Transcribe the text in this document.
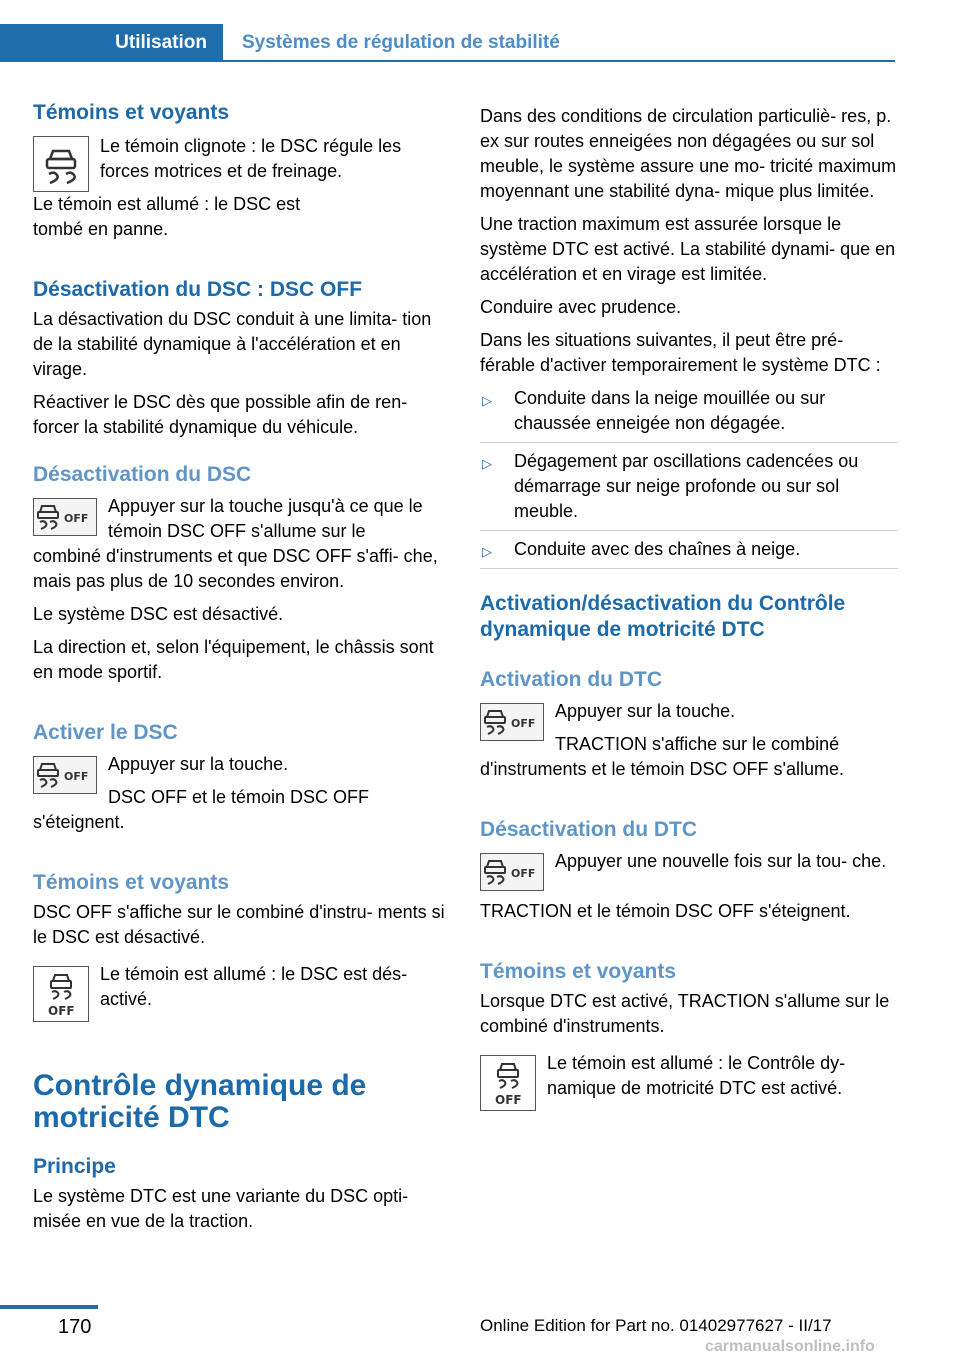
Utilisation	Systèmes de régulation de stabilité
Témoins et voyants

Le témoin clignote : le DSC régule les forces motrices et de freinage.

Le témoin est allumé : le DSC est

tombé en panne.

Désactivation du DSC : DSC OFF

La désactivation du DSC conduit à une limita‐ tion de la stabilité dynamique à l'accélération et en virage.

Réactiver le DSC dès que possible afin de ren‐ forcer la stabilité dynamique du véhicule.

Désactivation du DSC
OFF

Appuyer sur la touche jusqu'à ce que le témoin DSC OFF s'allume sur le

combiné d'instruments et que DSC OFF s'affi‐ che, mais pas plus de 10 secondes environ.

Le système DSC est désactivé.

La direction et, selon l'équipement, le châssis sont en mode sportif.

Activer le DSC
OFF

Appuyer sur la touche.

DSC OFF et le témoin DSC OFF

s'éteignent.

Témoins et voyants

DSC OFF s'affiche sur le combiné d'instru‐ ments si le DSC est désactivé.

OFF

Le témoin est allumé : le DSC est dés‐ activé.

Contrôle dynamique de motricité DTC
Principe

Le système DTC est une variante du DSC opti‐ misée en vue de la traction.

Dans des conditions de circulation particuliè‐ res, p. ex sur routes enneigées non dégagées ou sur sol meuble, le système assure une mo‐ tricité maximum moyennant une stabilité dyna‐ mique plus limitée.

Une traction maximum est assurée lorsque le système DTC est activé. La stabilité dynami‐ que en accélération et en virage est limitée.

Conduire avec prudence.

Dans les situations suivantes, il peut être pré‐ férable d'activer temporairement le système DTC :

▷ Conduite dans la neige mouillée ou sur chaussée enneigée non dégagée.
▷ Dégagement par oscillations cadencées ou démarrage sur neige profonde ou sur sol meuble.
▷ Conduite avec des chaînes à neige.
Activation/désactivation du Contrôle dynamique de motricité DTC
Activation du DTC
OFF

Appuyer sur la touche.

TRACTION s'affiche sur le combiné

d'instruments et le témoin DSC OFF s'allume.

Désactivation du DTC
OFF

Appuyer une nouvelle fois sur la tou‐ che.

TRACTION et le témoin DSC OFF s'éteignent.

Témoins et voyants

Lorsque DTC est activé, TRACTION s'allume sur le combiné d'instruments.

OFF

Le témoin est allumé : le Contrôle dy‐ namique de motricité DTC est activé.

170	Online Edition for Part no. 01402977627 - II/17
carmanualsonline.info
